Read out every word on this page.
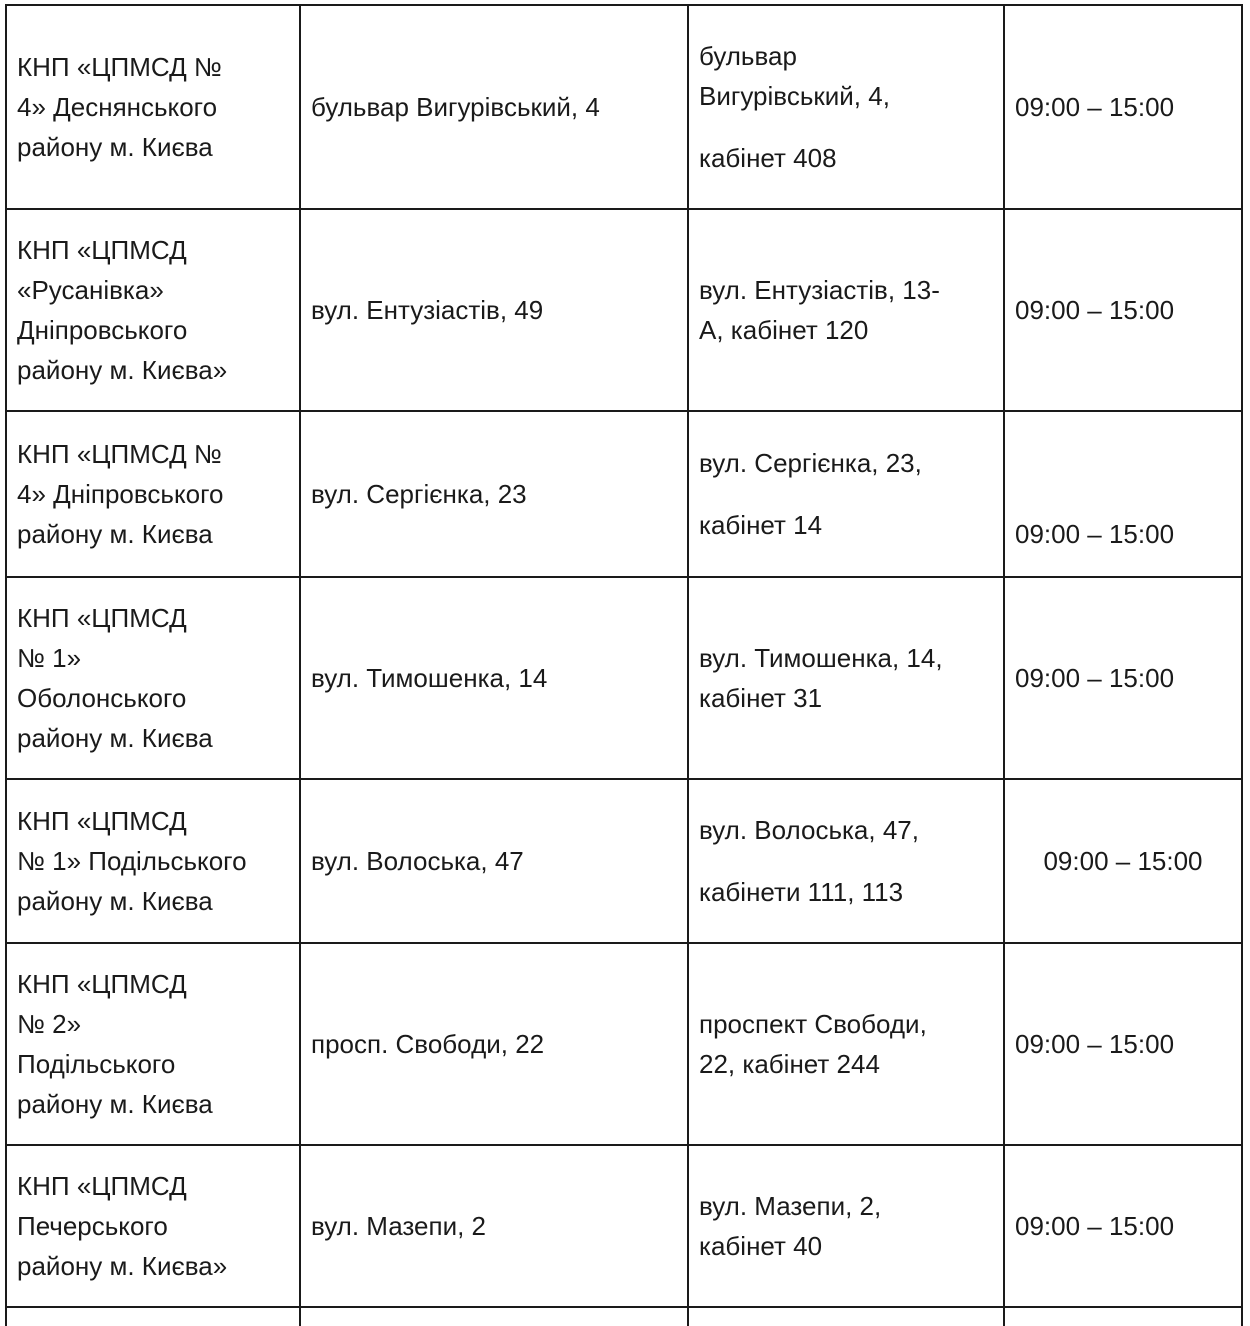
КНП «ЦПМСД №
4» Деснянського
району м. Києва
бульвар Вигурівський, 4
бульвар
Вигурівський, 4,
кабінет 408
09:00 – 15:00
КНП «ЦПМСД
«Русанівка»
Дніпровського
району м. Києва»
вул. Ентузіастів, 49
вул. Ентузіастів, 13-
А, кабінет 120
09:00 – 15:00
КНП «ЦПМСД №
4» Дніпровського
району м. Києва
вул. Сергієнка, 23
вул. Сергієнка, 23,
кабінет 14	09:00 – 15:00
КНП «ЦПМСД
№ 1»
Оболонського
району м. Києва
вул. Тимошенка, 14
вул. Тимошенка, 14,
кабінет 31
09:00 – 15:00
КНП «ЦПМСД
№ 1» Подільського
району м. Києва
вул. Волоська, 47
вул. Волоська, 47,
кабінети 111, 113
09:00 – 15:00
КНП «ЦПМСД
№ 2»
Подільського
району м. Києва
просп. Свободи, 22
проспект Свободи,
22, кабінет 244
09:00 – 15:00
КНП «ЦПМСД
Печерського
району м. Києва»
вул. Мазепи, 2
вул. Мазепи, 2,
кабінет 40
09:00 – 15:00
